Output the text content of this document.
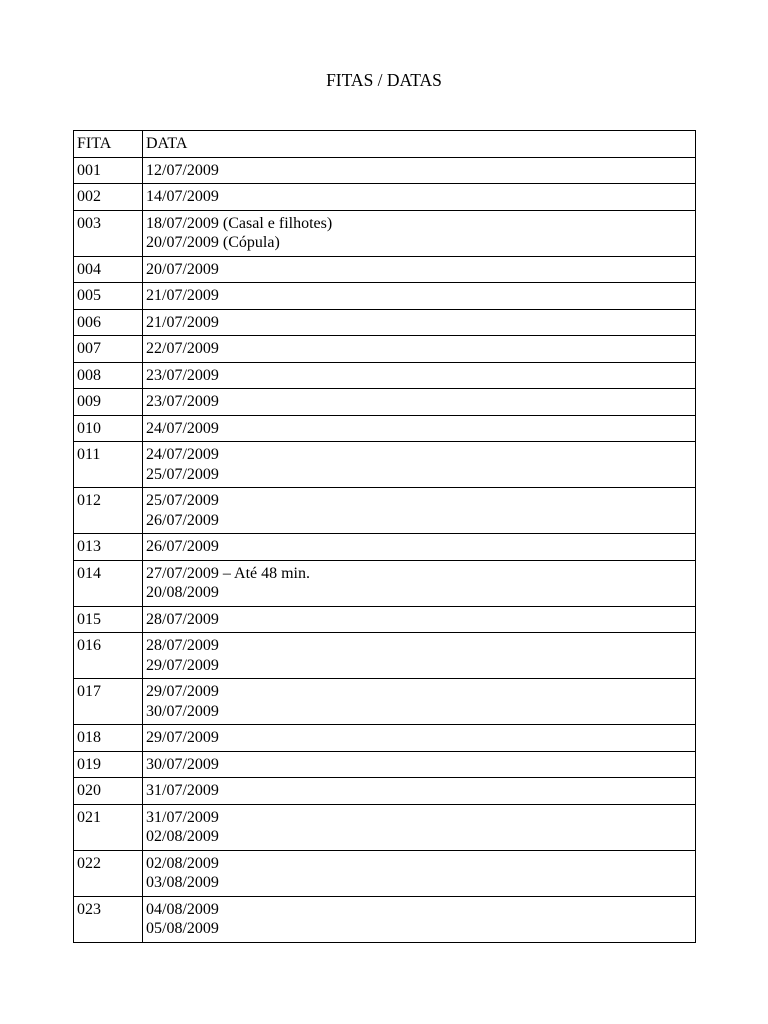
FITAS / DATAS
FITA	DATA
001	12/07/2009

002	14/07/2009

003	18/07/2009 (Casal e filhotes)
20/07/2009 (Cópula)

004	20/07/2009

005	21/07/2009

006	21/07/2009

007	22/07/2009

008	23/07/2009

009	23/07/2009

010	24/07/2009

011	24/07/2009
25/07/2009

012	25/07/2009
26/07/2009

013	26/07/2009

014	27/07/2009 – Até 48 min.
20/08/2009

015	28/07/2009

016	28/07/2009
29/07/2009

017	29/07/2009
30/07/2009

018	29/07/2009

019	30/07/2009

020	31/07/2009

021	31/07/2009
02/08/2009

022	02/08/2009
03/08/2009

023	04/08/2009
05/08/2009
